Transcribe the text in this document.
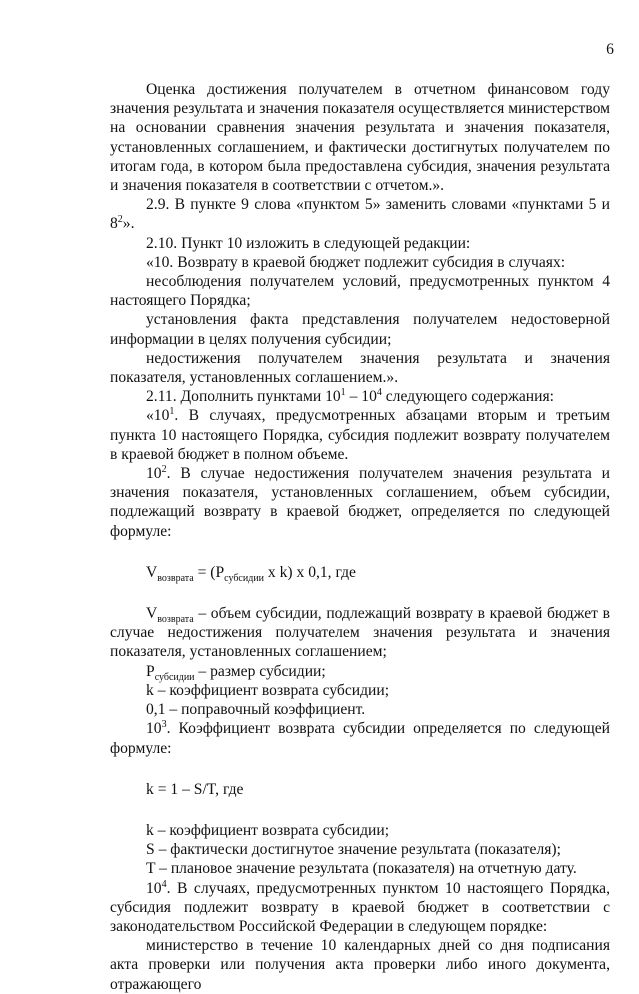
6

Оценка достижения получателем в отчетном финансовом году значения результата и значения показателя осуществляется министерством на основании сравнения значения результата и значения показателя, установленных соглашением, и фактически достигнутых получателем по итогам года, в котором была предоставлена субсидия, значения результата и значения показателя в соответствии с отчетом.».

2.9. В пункте 9 слова «пунктом 5» заменить словами «пунктами 5 и $8^2$».

2.10. Пункт 10 изложить в следующей редакции:

«10. Возврату в краевой бюджет подлежит субсидия в случаях:

несоблюдения получателем условий, предусмотренных пунктом 4 настоящего Порядка;

установления факта представления получателем недостоверной информации в целях получения субсидии;

недостижения получателем значения результата и значения показателя, установленных соглашением.».

2.11. Дополнить пунктами $10^1 - 10^4$ следующего содержания:

«$10^1$. В случаях, предусмотренных абзацами вторым и третьим пункта 10 настоящего Порядка, субсидия подлежит возврату получателем в краевой бюджет в полном объеме.

$10^2$. В случае недостижения получателем значения результата и значения показателя, установленных соглашением, объем субсидии, подлежащий возврату в краевой бюджет, определяется по следующей формуле:

$V_{возврата} = (P_{субсидии}$ x k) x 0,1, где

$V_{возврата}$ – объем субсидии, подлежащий возврату в краевой бюджет в случае недостижения получателем значения результата и значения показателя, установленных соглашением;

$P_{субсидии}$ – размер субсидии;

k – коэффициент возврата субсидии;

0,1 – поправочный коэффициент.

$10^3$. Коэффициент возврата субсидии определяется по следующей формуле:

k = 1 – S/T, где

k – коэффициент возврата субсидии;

S – фактически достигнутое значение результата (показателя);

T – плановое значение результата (показателя) на отчетную дату.

$10^4$. В случаях, предусмотренных пунктом 10 настоящего Порядка, субсидия подлежит возврату в краевой бюджет в соответствии с законодательством Российской Федерации в следующем порядке:

министерство в течение 10 календарных дней со дня подписания акта проверки или получения акта проверки либо иного документа, отражающего
